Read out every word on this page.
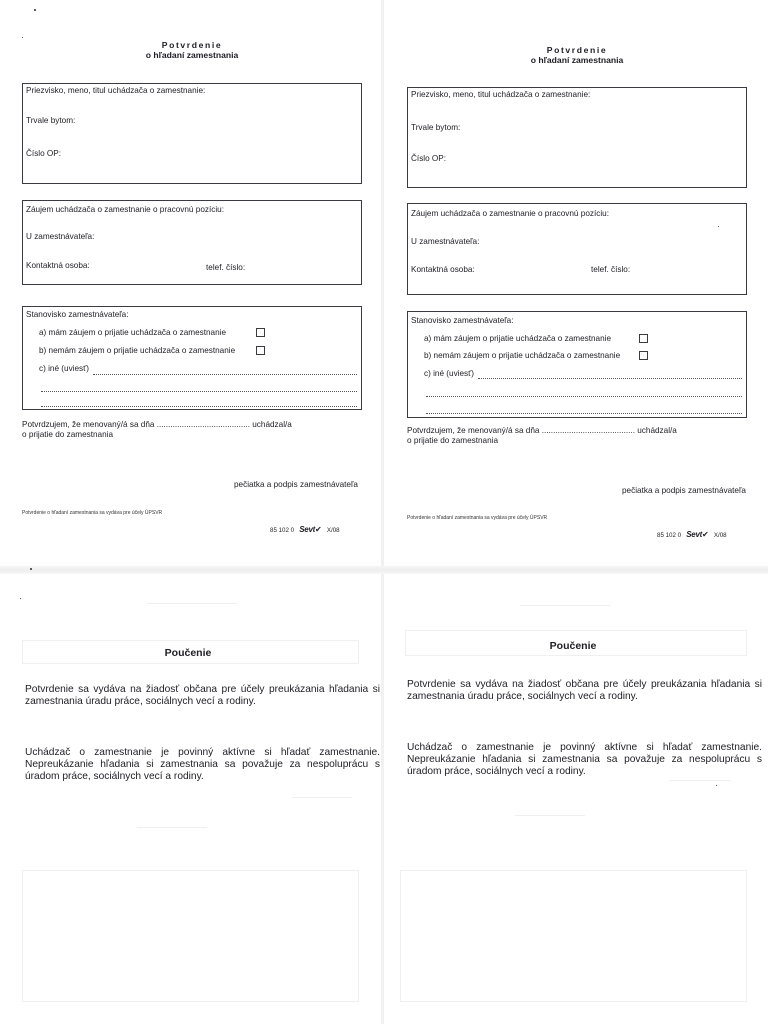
Potvrdenie
o hľadaní zamestnania
Priezvisko, meno, titul uchádzača o zamestnanie:
Trvale bytom:
Číslo OP:
Záujem uchádzača o zamestnanie o pracovnú pozíciu:
U zamestnávateľa:
Kontaktná osoba:	telef. číslo:
Stanovisko zamestnávateľa:
a) mám záujem o prijatie uchádzača o zamestnanie
b) nemám záujem o prijatie uchádzača o zamestnanie
c) iné (uviesť)
Potvrdzujem, že menovaný/á sa dňa ......................................... uchádzal/a
o prijatie do zamestnania
pečiatka a podpis zamestnávateľa
Potvrdenie o hľadaní zamestnania sa vydáva pre účely ÚPSVR
85 102 0 Sevt✔ X/08
Potvrdenie
o hľadaní zamestnania
Priezvisko, meno, titul uchádzača o zamestnanie:
Trvale bytom:
Číslo OP:
Záujem uchádzača o zamestnanie o pracovnú pozíciu:
U zamestnávateľa:
Kontaktná osoba:	telef. číslo:
Stanovisko zamestnávateľa:
a) mám záujem o prijatie uchádzača o zamestnanie
b) nemám záujem o prijatie uchádzača o zamestnanie
c) iné (uviesť)
Potvrdzujem, že menovaný/á sa dňa ......................................... uchádzal/a
o prijatie do zamestnania
pečiatka a podpis zamestnávateľa
Potvrdenie o hľadaní zamestnania sa vydáva pre účely ÚPSVR
85 102 0 Sevt✔ X/08
Poučenie
Potvrdenie sa vydáva na žiadosť občana pre účely preukázania hľadania si zamestnania úradu práce, sociálnych vecí a rodiny.
Uchádzač o zamestnanie je povinný aktívne si hľadať zamestnanie. Nepreukázanie hľadania si zamestnania sa považuje za nespoluprácu s úradom práce, sociálnych vecí a rodiny.
Poučenie
Potvrdenie sa vydáva na žiadosť občana pre účely preukázania hľadania si zamestnania úradu práce, sociálnych vecí a rodiny.
Uchádzač o zamestnanie je povinný aktívne si hľadať zamestnanie. Nepreukázanie hľadania si zamestnania sa považuje za nespoluprácu s úradom práce, sociálnych vecí a rodiny.
